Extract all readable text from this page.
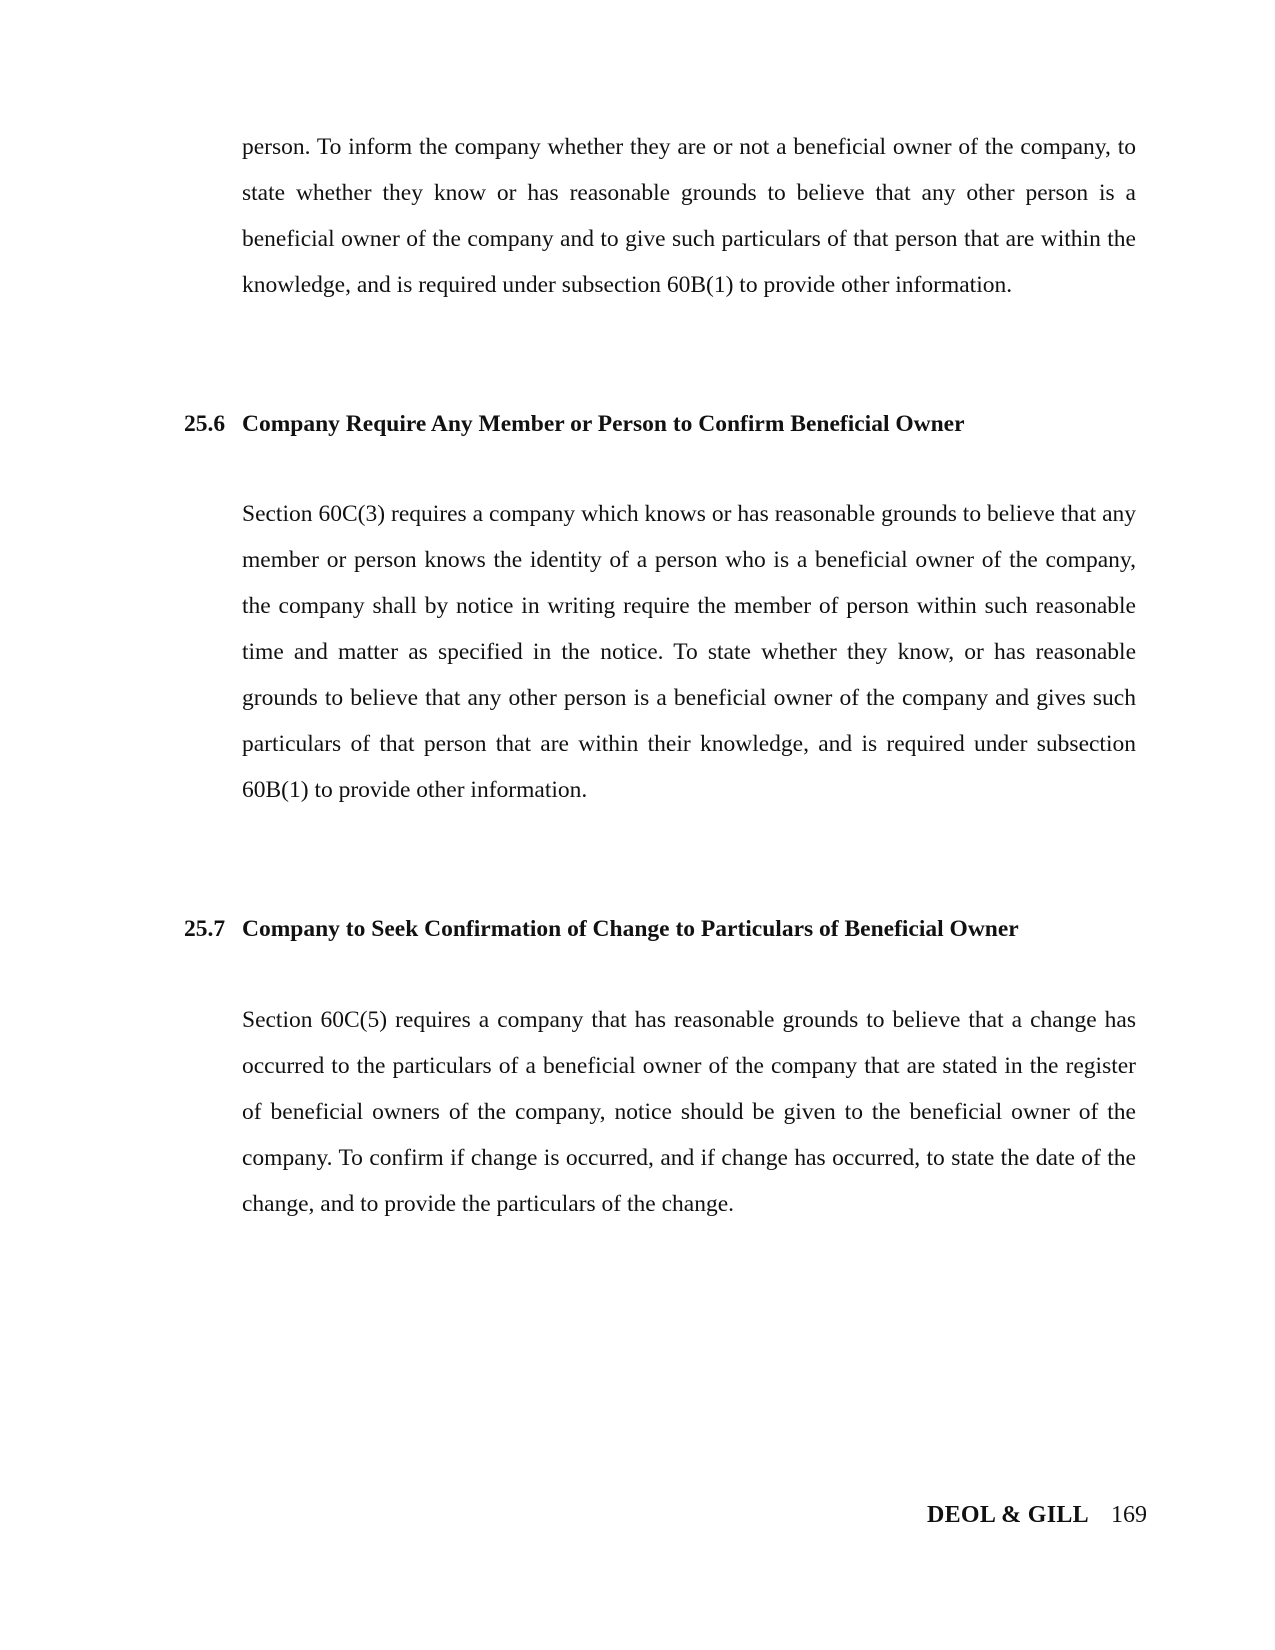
person. To inform the company whether they are or not a beneficial owner of the company, to state whether they know or has reasonable grounds to believe that any other person is a beneficial owner of the company and to give such particulars of that person that are within the knowledge, and is required under subsection 60B(1) to provide other information.

25.6 Company Require Any Member or Person to Confirm Beneficial Owner

Section 60C(3) requires a company which knows or has reasonable grounds to believe that any member or person knows the identity of a person who is a beneficial owner of the company, the company shall by notice in writing require the member of person within such reasonable time and matter as specified in the notice. To state whether they know, or has reasonable grounds to believe that any other person is a beneficial owner of the company and gives such particulars of that person that are within their knowledge, and is required under subsection 60B(1) to provide other information.

25.7 Company to Seek Confirmation of Change to Particulars of Beneficial Owner

Section 60C(5) requires a company that has reasonable grounds to believe that a change has occurred to the particulars of a beneficial owner of the company that are stated in the register of beneficial owners of the company, notice should be given to the beneficial owner of the company. To confirm if change is occurred, and if change has occurred, to state the date of the change, and to provide the particulars of the change.

DEOL & GILL 169
